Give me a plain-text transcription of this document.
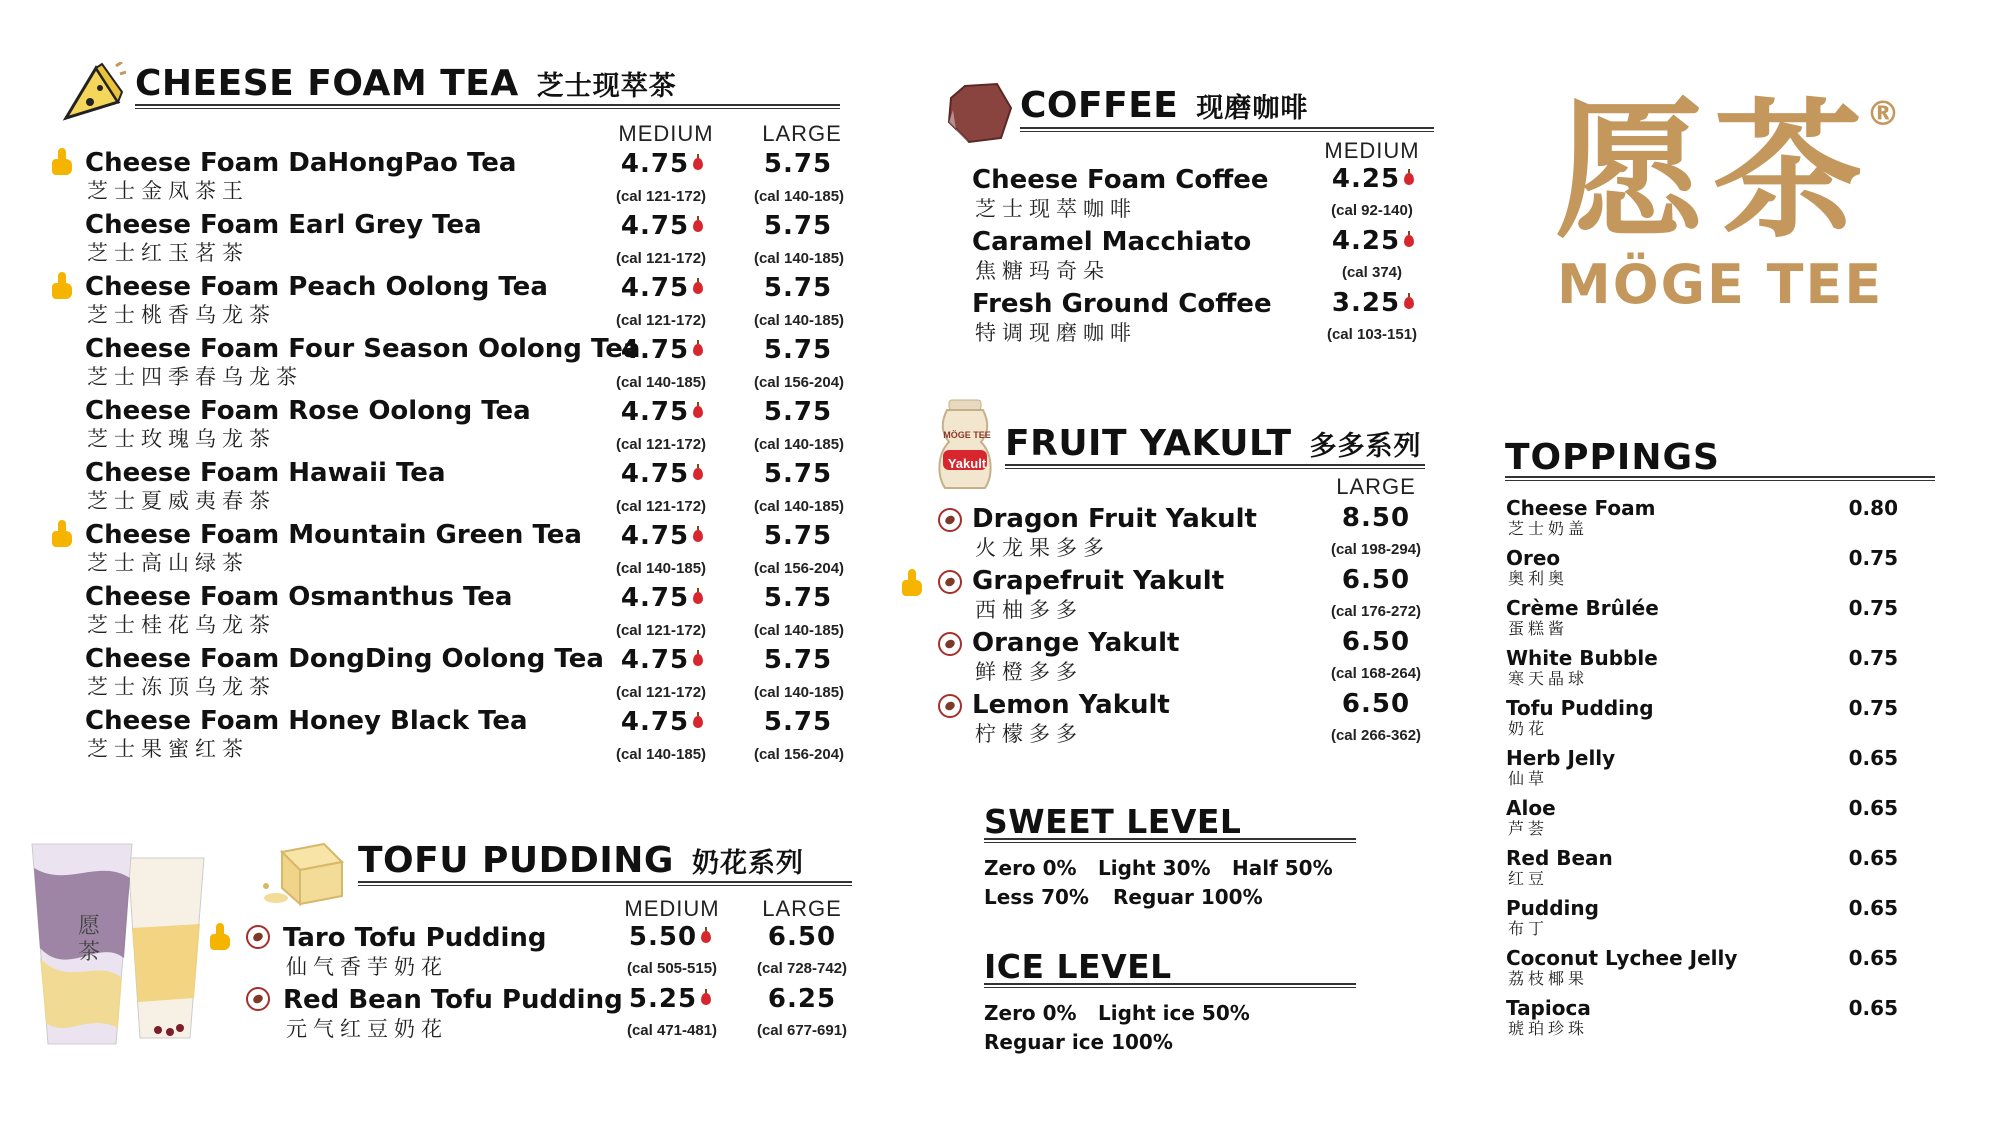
CHEESE FOAM TEA 芝士现萃茶
MEDIUM	LARGE
愿茶
TOFU PUDDING 奶花系列
MEDIUM	LARGE
COFFEE 现磨咖啡
MEDIUM
MÖGE TEE
Yakult FRUIT YAKULT 多多系列
LARGE
SWEET LEVEL
Zero 0% Light 30% Half 50%
Less 70% Reguar 100%
ICE LEVEL
Zero 0% Light ice 50%
Reguar ice 100%
愿茶
®
MÖGE TEE
TOPPINGS
Cheese Foam DaHongPao Tea
芝士金凤茶王
4.75	5.75
(cal 121-172)	(cal 140-185)
Cheese Foam Earl Grey Tea
芝士红玉茗茶
4.75	5.75
(cal 121-172)	(cal 140-185)
Cheese Foam Peach Oolong Tea
芝士桃香乌龙茶
4.75	5.75
(cal 121-172)	(cal 140-185)
Cheese Foam Four Season Oolong Tea
芝士四季春乌龙茶
4.75	5.75
(cal 140-185)	(cal 156-204)
Cheese Foam Rose Oolong Tea
芝士玫瑰乌龙茶
4.75	5.75
(cal 121-172)	(cal 140-185)
Cheese Foam Hawaii Tea
芝士夏威夷春茶
4.75	5.75
(cal 121-172)	(cal 140-185)
Cheese Foam Mountain Green Tea
芝士高山绿茶
4.75	5.75
(cal 140-185)	(cal 156-204)
Cheese Foam Osmanthus Tea
芝士桂花乌龙茶
4.75	5.75
(cal 121-172)	(cal 140-185)
Cheese Foam DongDing Oolong Tea
芝士冻顶乌龙茶
4.75	5.75
(cal 121-172)	(cal 140-185)
Cheese Foam Honey Black Tea
芝士果蜜红茶
4.75	5.75
(cal 140-185)	(cal 156-204)
Taro Tofu Pudding
仙气香芋奶花
5.50	6.50
(cal 505-515)	(cal 728-742)
Red Bean Tofu Pudding
元气红豆奶花
5.25	6.25
(cal 471-481)	(cal 677-691)
Cheese Foam Coffee
芝士现萃咖啡
4.25
(cal 92-140)
Caramel Macchiato
焦糖玛奇朵
4.25
(cal 374)
Fresh Ground Coffee
特调现磨咖啡
3.25
(cal 103-151)
Dragon Fruit Yakult
火龙果多多
8.50
(cal 198-294)
Grapefruit Yakult
西柚多多
6.50
(cal 176-272)
Orange Yakult
鲜橙多多
6.50
(cal 168-264)
Lemon Yakult
柠檬多多
6.50
(cal 266-362)
Cheese Foam
芝士奶盖
0.80
Oreo
奥利奥
0.75
Crème Brûlée
蛋糕酱
0.75
White Bubble
寒天晶球
0.75
Tofu Pudding
奶花
0.75
Herb Jelly
仙草
0.65
Aloe
芦荟
0.65
Red Bean
红豆
0.65
Pudding
布丁
0.65
Coconut Lychee Jelly
荔枝椰果
0.65
Tapioca
琥珀珍珠
0.65
